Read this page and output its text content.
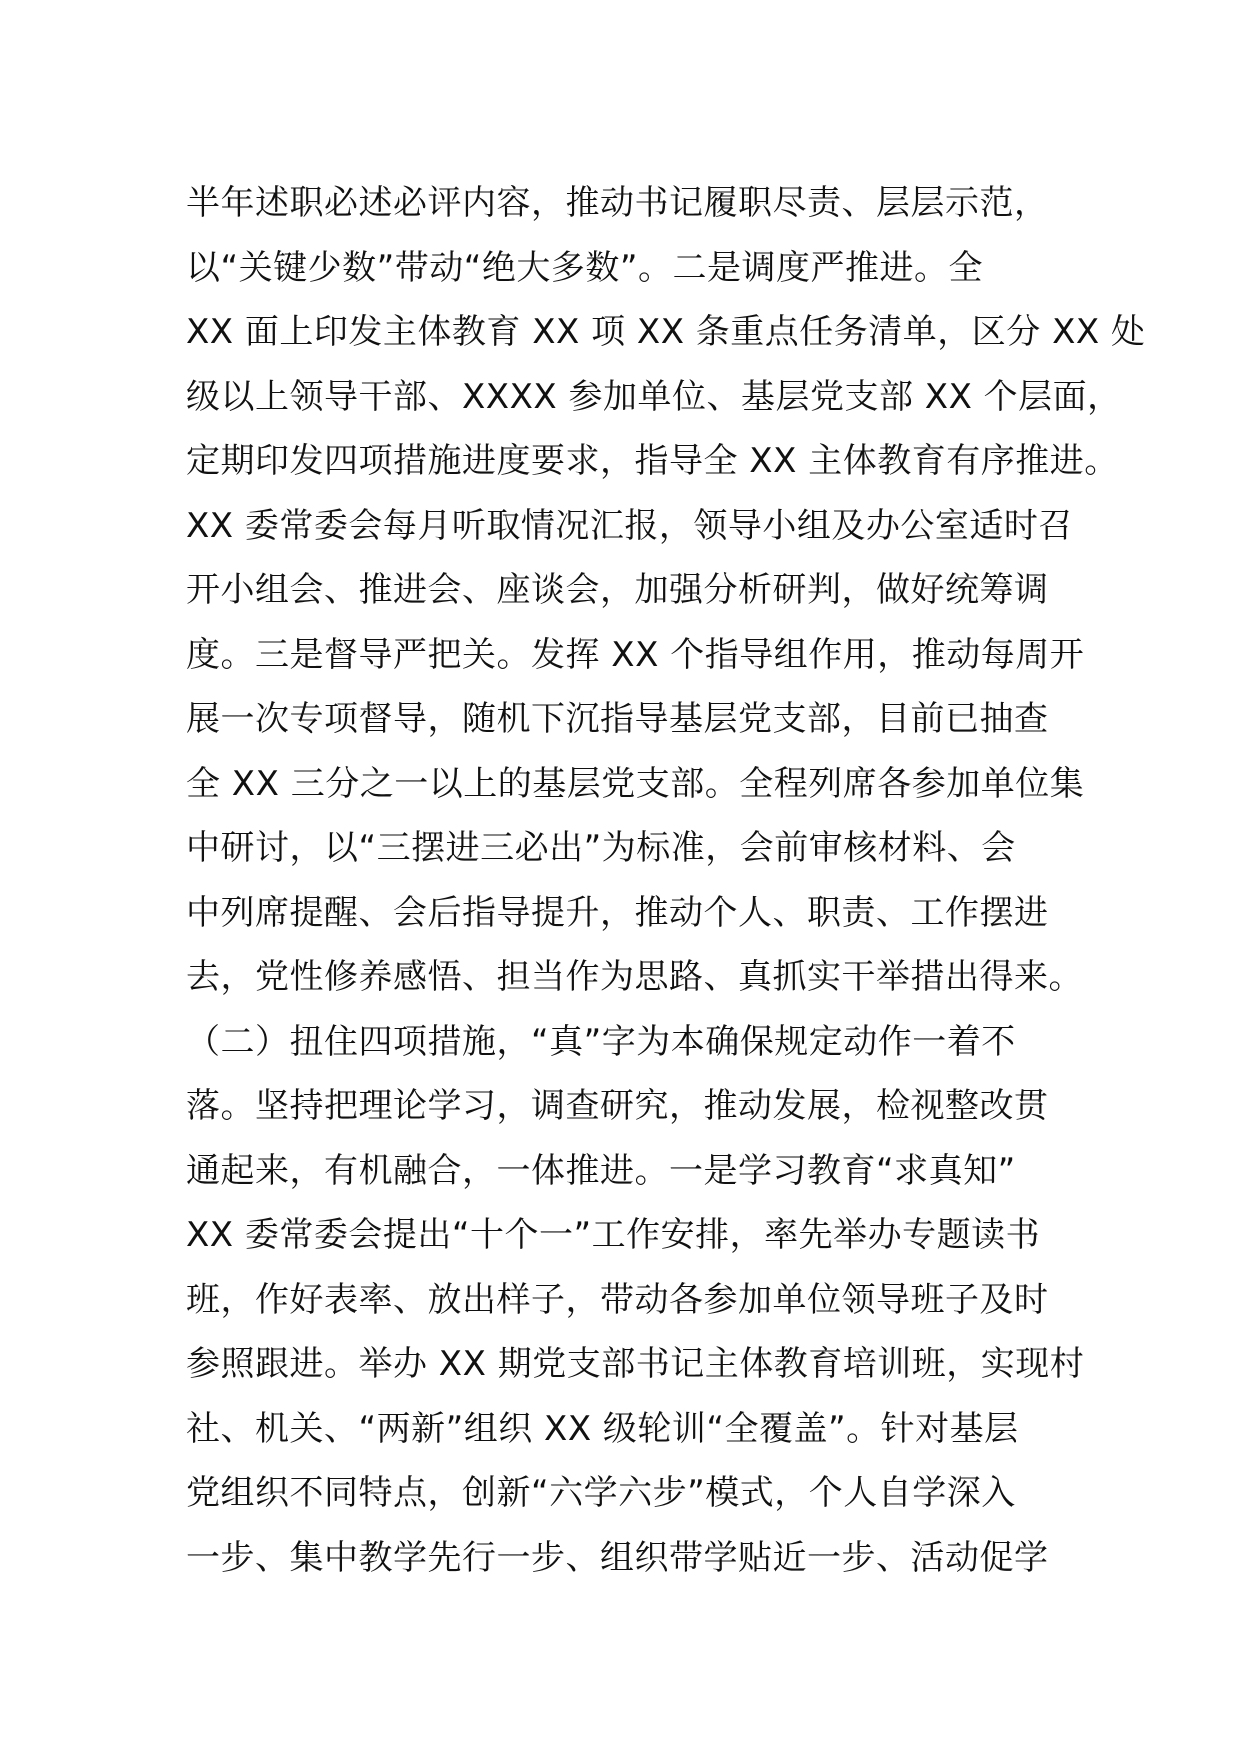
半年述职必述必评内容，推动书记履职尽责、层层示范，
以“关键少数”带动“绝大多数”。二是调度严推进。全
XX 面上印发主体教育 XX 项 XX 条重点任务清单，区分 XX 处
级以上领导干部、XXXX 参加单位、基层党支部 XX 个层面，
定期印发四项措施进度要求，指导全 XX 主体教育有序推进。
XX 委常委会每月听取情况汇报，领导小组及办公室适时召
开小组会、推进会、座谈会，加强分析研判，做好统筹调
度。三是督导严把关。发挥 XX 个指导组作用，推动每周开
展一次专项督导，随机下沉指导基层党支部，目前已抽查
全 XX 三分之一以上的基层党支部。全程列席各参加单位集
中研讨，以“三摆进三必出”为标准，会前审核材料、会
中列席提醒、会后指导提升，推动个人、职责、工作摆进
去，党性修养感悟、担当作为思路、真抓实干举措出得来。
（二）扭住四项措施，“真”字为本确保规定动作一着不
落。坚持把理论学习，调查研究，推动发展，检视整改贯
通起来，有机融合，一体推进。一是学习教育“求真知”
XX 委常委会提出“十个一”工作安排，率先举办专题读书
班，作好表率、放出样子，带动各参加单位领导班子及时
参照跟进。举办 XX 期党支部书记主体教育培训班，实现村
社、机关、“两新”组织 XX 级轮训“全覆盖”。针对基层
党组织不同特点，创新“六学六步”模式，个人自学深入
一步、集中教学先行一步、组织带学贴近一步、活动促学
